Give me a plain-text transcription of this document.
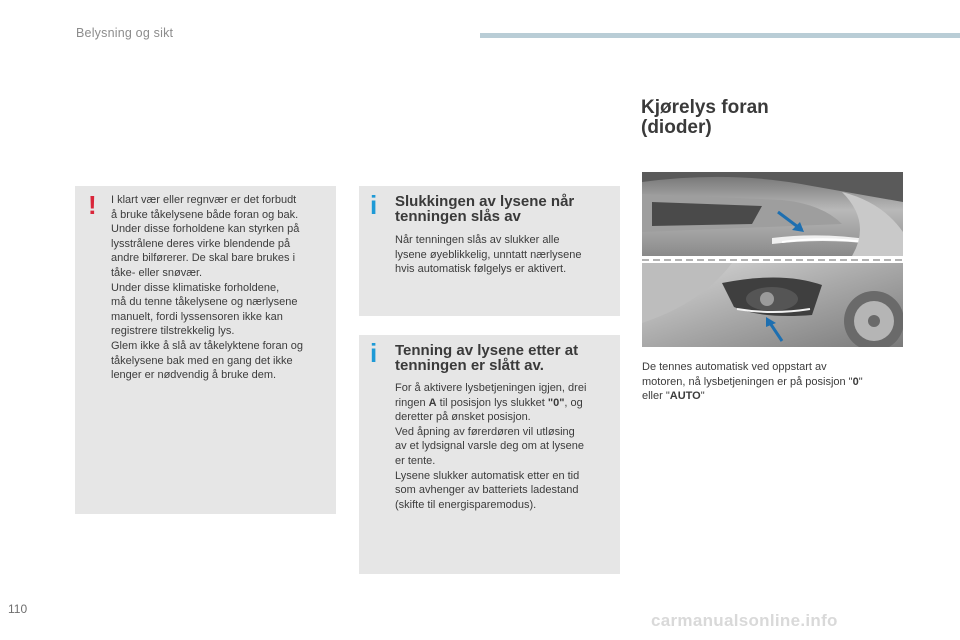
Belysning og sikt
! I klart vær eller regnvær er det forbudt
å bruke tåkelysene både foran og bak.
Under disse forholdene kan styrken på
lysstrålene deres virke blendende på
andre bilførerer. De skal bare brukes i
tåke- eller snøvær.
Under disse klimatiske forholdene,
må du tenne tåkelysene og nærlysene
manuelt, fordi lyssensoren ikke kan
registrere tilstrekkelig lys.
Glem ikke å slå av tåkelyktene foran og
tåkelysene bak med en gang det ikke
lenger er nødvendig å bruke dem.
i Slukkingen av lysene når
tenningen slås av
Når tenningen slås av slukker alle
lysene øyeblikkelig, unntatt nærlysene
hvis automatisk følgelys er aktivert.
i Tenning av lysene etter at
tenningen er slått av.
For å aktivere lysbetjeningen igjen, drei
ringen A til posisjon lys slukket "0", og
deretter på ønsket posisjon.
Ved åpning av førerdøren vil utløsing
av et lydsignal varsle deg om at lysene
er tente.
Lysene slukker automatisk etter en tid
som avhenger av batteriets ladestand
(skifte til energisparemodus).
Kjørelys foran
(dioder)
De tennes automatisk ved oppstart av
motoren, nå lysbetjeningen er på posisjon "0"
eller "AUTO"
110
carmanualsonline.info
